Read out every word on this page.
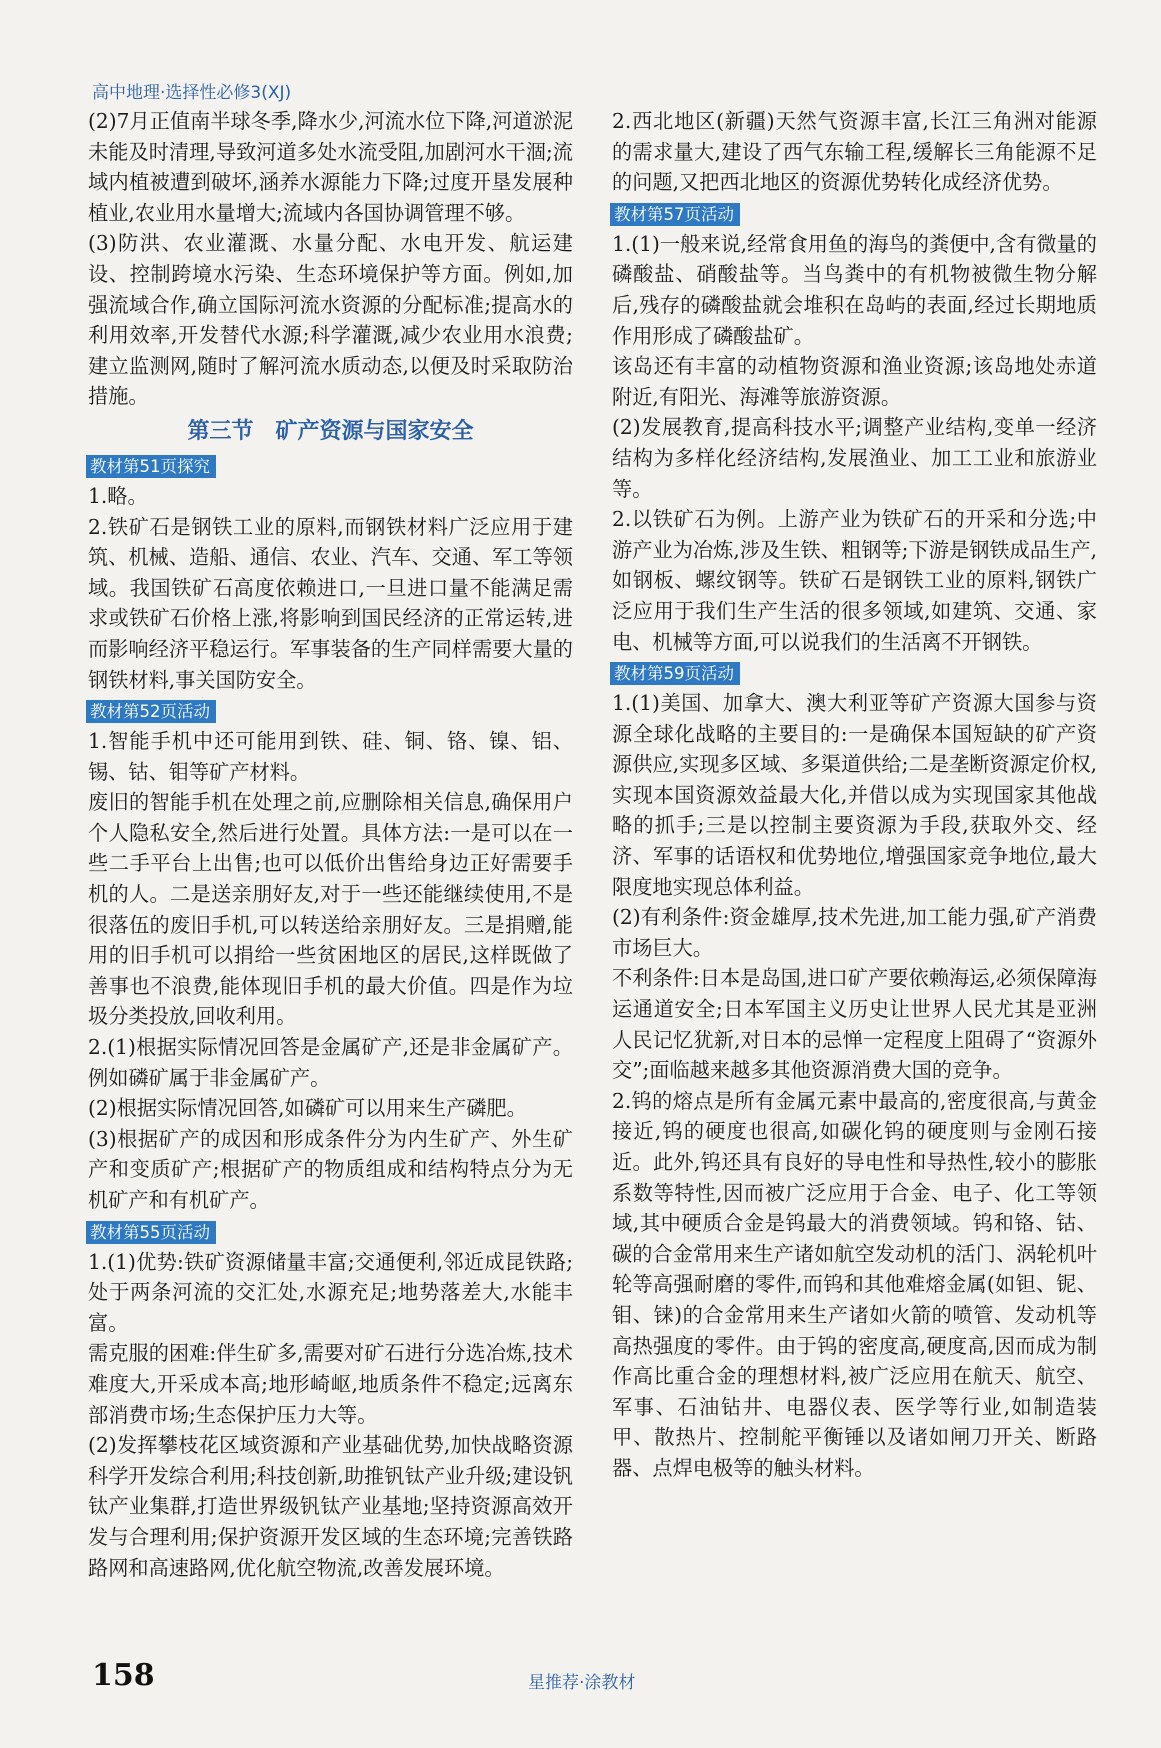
高中地理·选择性必修3(XJ)

(2)7月正值南半球冬季,降水少,河流水位下降,河道淤泥未能及时清理,导致河道多处水流受阻,加剧河水干涸;流域内植被遭到破坏,涵养水源能力下降;过度开垦发展种植业,农业用水量增大;流域内各国协调管理不够。

(3)防洪、农业灌溉、水量分配、水电开发、航运建设、控制跨境水污染、生态环境保护等方面。例如,加强流域合作,确立国际河流水资源的分配标准;提高水的利用效率,开发替代水源;科学灌溉,减少农业用水浪费;建立监测网,随时了解河流水质动态,以便及时采取防治措施。

第三节　矿产资源与国家安全
教材第51页探究

1.略。

2.铁矿石是钢铁工业的原料,而钢铁材料广泛应用于建筑、机械、造船、通信、农业、汽车、交通、军工等领域。我国铁矿石高度依赖进口,一旦进口量不能满足需求或铁矿石价格上涨,将影响到国民经济的正常运转,进而影响经济平稳运行。军事装备的生产同样需要大量的钢铁材料,事关国防安全。

教材第52页活动

1.智能手机中还可能用到铁、硅、铜、铬、镍、铝、锡、钴、钼等矿产材料。

废旧的智能手机在处理之前,应删除相关信息,确保用户个人隐私安全,然后进行处置。具体方法:一是可以在一些二手平台上出售;也可以低价出售给身边正好需要手机的人。二是送亲朋好友,对于一些还能继续使用,不是很落伍的废旧手机,可以转送给亲朋好友。三是捐赠,能用的旧手机可以捐给一些贫困地区的居民,这样既做了善事也不浪费,能体现旧手机的最大价值。四是作为垃圾分类投放,回收利用。

2.(1)根据实际情况回答是金属矿产,还是非金属矿产。例如磷矿属于非金属矿产。

(2)根据实际情况回答,如磷矿可以用来生产磷肥。

(3)根据矿产的成因和形成条件分为内生矿产、外生矿产和变质矿产;根据矿产的物质组成和结构特点分为无机矿产和有机矿产。

教材第55页活动

1.(1)优势:铁矿资源储量丰富;交通便利,邻近成昆铁路;处于两条河流的交汇处,水源充足;地势落差大,水能丰富。

需克服的困难:伴生矿多,需要对矿石进行分选冶炼,技术难度大,开采成本高;地形崎岖,地质条件不稳定;远离东部消费市场;生态保护压力大等。

(2)发挥攀枝花区域资源和产业基础优势,加快战略资源科学开发综合利用;科技创新,助推钒钛产业升级;建设钒钛产业集群,打造世界级钒钛产业基地;坚持资源高效开发与合理利用;保护资源开发区域的生态环境;完善铁路路网和高速路网,优化航空物流,改善发展环境。

2.西北地区(新疆)天然气资源丰富,长江三角洲对能源的需求量大,建设了西气东输工程,缓解长三角能源不足的问题,又把西北地区的资源优势转化成经济优势。

教材第57页活动

1.(1)一般来说,经常食用鱼的海鸟的粪便中,含有微量的磷酸盐、硝酸盐等。当鸟粪中的有机物被微生物分解后,残存的磷酸盐就会堆积在岛屿的表面,经过长期地质作用形成了磷酸盐矿。

该岛还有丰富的动植物资源和渔业资源;该岛地处赤道附近,有阳光、海滩等旅游资源。

(2)发展教育,提高科技水平;调整产业结构,变单一经济结构为多样化经济结构,发展渔业、加工工业和旅游业等。

2.以铁矿石为例。上游产业为铁矿石的开采和分选;中游产业为冶炼,涉及生铁、粗钢等;下游是钢铁成品生产,如钢板、螺纹钢等。铁矿石是钢铁工业的原料,钢铁广泛应用于我们生产生活的很多领域,如建筑、交通、家电、机械等方面,可以说我们的生活离不开钢铁。

教材第59页活动

1.(1)美国、加拿大、澳大利亚等矿产资源大国参与资源全球化战略的主要目的:一是确保本国短缺的矿产资源供应,实现多区域、多渠道供给;二是垄断资源定价权,实现本国资源效益最大化,并借以成为实现国家其他战略的抓手;三是以控制主要资源为手段,获取外交、经济、军事的话语权和优势地位,增强国家竞争地位,最大限度地实现总体利益。

(2)有利条件:资金雄厚,技术先进,加工能力强,矿产消费市场巨大。

不利条件:日本是岛国,进口矿产要依赖海运,必须保障海运通道安全;日本军国主义历史让世界人民尤其是亚洲人民记忆犹新,对日本的忌惮一定程度上阻碍了“资源外交”;面临越来越多其他资源消费大国的竞争。

2.钨的熔点是所有金属元素中最高的,密度很高,与黄金接近,钨的硬度也很高,如碳化钨的硬度则与金刚石接近。此外,钨还具有良好的导电性和导热性,较小的膨胀系数等特性,因而被广泛应用于合金、电子、化工等领域,其中硬质合金是钨最大的消费领域。钨和铬、钴、碳的合金常用来生产诸如航空发动机的活门、涡轮机叶轮等高强耐磨的零件,而钨和其他难熔金属(如钽、铌、钼、铼)的合金常用来生产诸如火箭的喷管、发动机等高热强度的零件。由于钨的密度高,硬度高,因而成为制作高比重合金的理想材料,被广泛应用在航天、航空、军事、石油钻井、电器仪表、医学等行业,如制造装甲、散热片、控制舵平衡锤以及诸如闸刀开关、断路器、点焊电极等的触头材料。

158	星推荐·涂教材
